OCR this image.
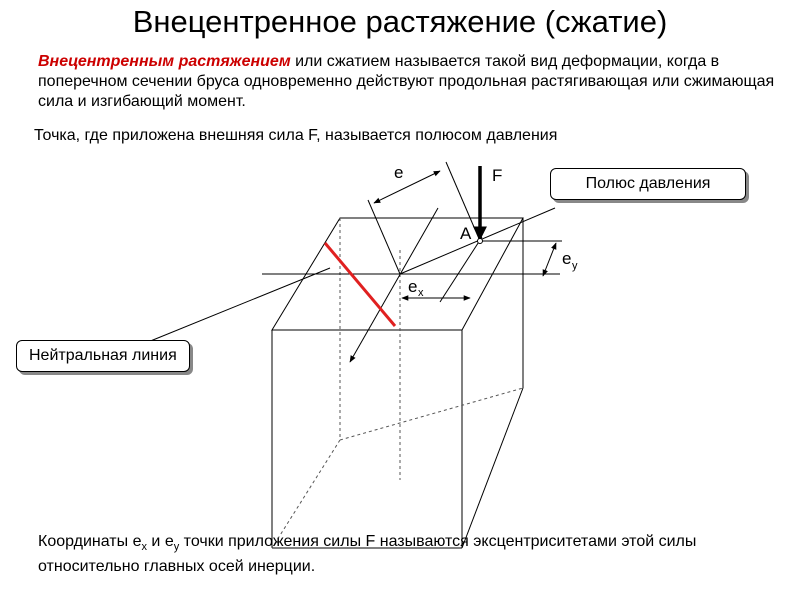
Внецентренное растяжение (сжатие)
Внецентренным растяжением или сжатием называется такой вид деформации, когда в поперечном сечении бруса одновременно действуют продольная растягивающая или сжимающая сила и изгибающий момент.
Точка, где приложена внешняя сила F, называется полюсом давления
e	F
A
e x
e y
Полюс давления
Нейтральная линия
Координаты $e_x$ и $e_y$ точки приложения силы F называются эксцентриситетами этой силы относительно главных осей инерции.
